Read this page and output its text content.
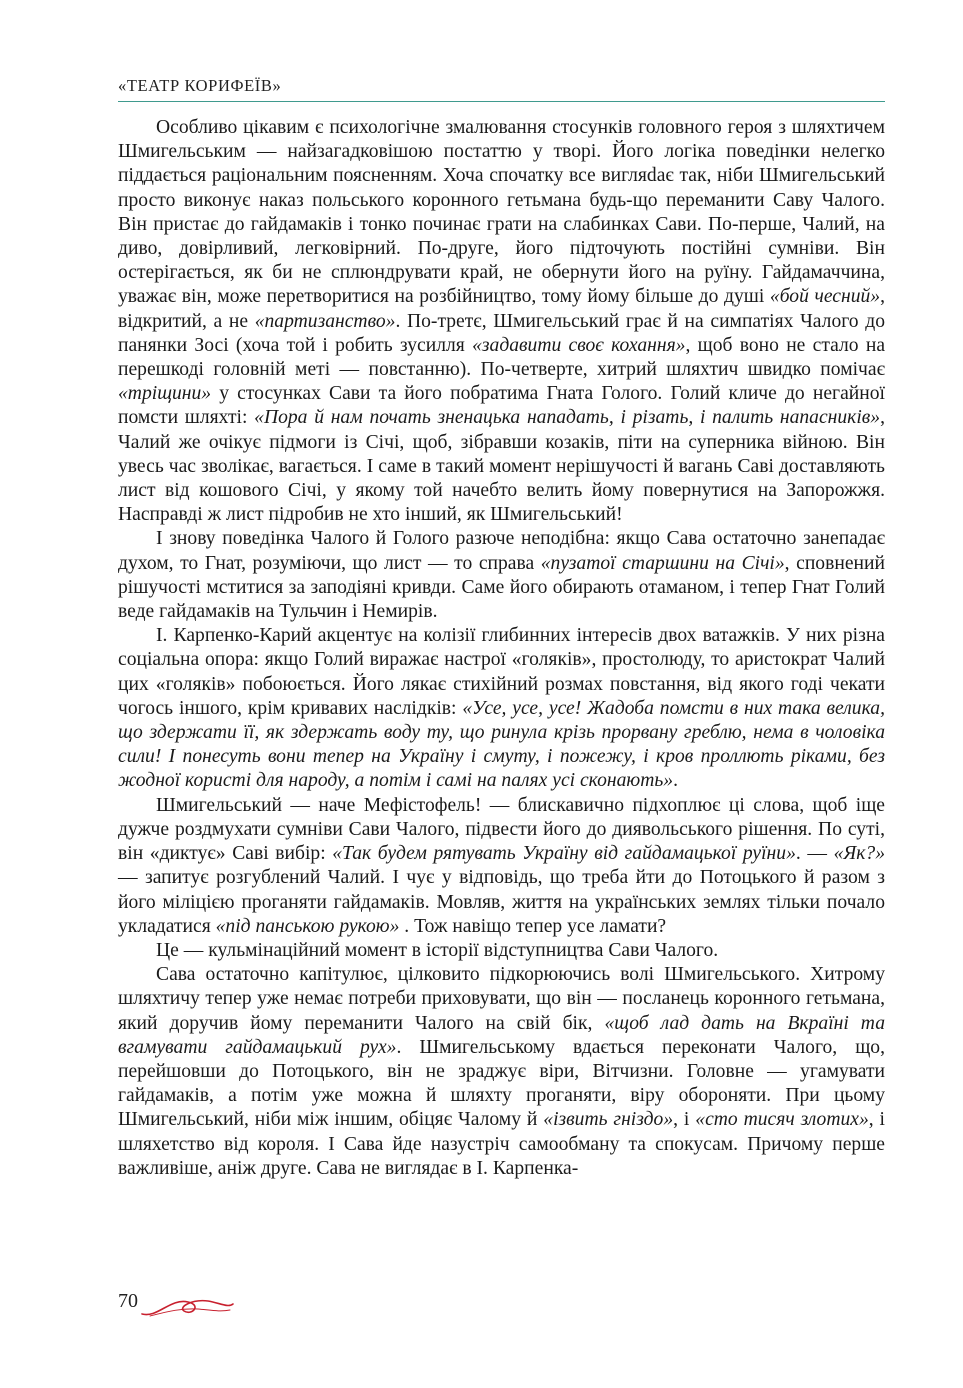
«ТЕАТР КОРИФЕЇВ»

Особливо цікавим є психологічне змалювання стосунків головного героя з шляхтичем Шмигельським — найзагадковішою постаттю у творі. Його логіка поведінки нелегко піддається раціональним поясненням. Хоча спочатку все вигляdає так, ніби Шмигельський просто виконує наказ польського коронного гетьмана будь-що переманити Саву Чалого. Він пристає до гайдамаків і тонко починає грати на слабинках Сави. По-перше, Чалий, на диво, довірливий, легковірний. По-друге, його підточують постійні сумніви. Він остерігається, як би не сплюндрувати край, не обернути його на руїну. Гайдамаччина, уважає він, може перетворитися на розбійництво, тому йому більше до душі «бой чесний», відкритий, а не «партизанство». По-третє, Шмигельський грає й на симпатіях Чалого до панянки Зосі (хоча той і робить зусилля «задавити своє кохання», щоб воно не стало на перешкоді головній меті — повстанню). По-четверте, хитрий шляхтич швидко помічає «тріщини» у стосунках Сави та його побратима Гната Голого. Голий кличе до негайної помсти шляхті: «Пора й нам почать зненацька нападать, і різать, і палить напасників», Чалий же очікує підмоги із Січі, щоб, зібравши козаків, піти на суперника війною. Він увесь час зволікає, вагається. І саме в такий момент нерішучості й вагань Саві доставляють лист від кошового Січі, у якому той начебто велить йому повернутися на Запорожжя. Насправді ж лист підробив не хто інший, як Шмигельський!

І знову поведінка Чалого й Голого разюче неподібна: якщо Сава остаточно занепадає духом, то Гнат, розуміючи, що лист — то справа «пузатої старшини на Січі», сповнений рішучості мститися за заподіяні кривди. Саме його обирають отаманом, і тепер Гнат Голий веде гайдамаків на Тульчин і Немирів.

І. Карпенко-Карий акцентує на колізії глибинних інтересів двох ватажків. У них різна соціальна опора: якщо Голий виражає настрої «голяків», простолюду, то аристократ Чалий цих «голяків» побоюється. Його лякає стихійний розмах повстання, від якого годі чекати чогось іншого, крім кривавих наслідків: «Усе, усе, усе! Жадоба помсти в них така велика, що здержати її, як здержать воду ту, що ринула крізь прорвану греблю, нема в чоловіка сили! І понесуть вони тепер на Україну і смуту, і пожежу, і кров проллють ріками, без жодної користі для народу, а потім і самі на палях усі сконають».

Шмигельський — наче Мефістофель! — блискавично підхоплює ці слова, щоб іще дужче роздмухати сумніви Сави Чалого, підвести його до диявольського рішення. По суті, він «диктує» Саві вибір: «Так будем рятувать Україну від гайдамацької руїни». — «Як?» — запитує розгублений Чалий. І чує у відповідь, що треба йти до Потоцького й разом з його міліцією проганяти гайдамаків. Мовляв, життя на українських землях тільки почало укладатися «під панською рукою» . Тож навіщо тепер усе ламати?

Це — кульмінаційний момент в історії відступництва Сави Чалого.

Сава остаточно капітулює, цілковито підкорюючись волі Шмигельського. Хитрому шляхтичу тепер уже немає потреби приховувати, що він — посланець коронного гетьмана, який доручив йому переманити Чалого на свій бік, «щоб лад дать на Вкраїні та вгамувати гайдамацький рух». Шмигельському вдається переконати Чалого, що, перейшовши до Потоцького, він не зраджує віри, Вітчизни. Головне — угамувати гайдамаків, а потім уже можна й шляхту проганяти, віру обороняти. При цьому Шмигельський, ніби між іншим, обіцяє Чалому й «ізвить гніздо», і «сто тисяч злотих», і шляхетство від короля. І Сава йде назустріч самообману та спокусам. Причому перше важливіше, аніж друге. Сава не виглядає в І. Карпенка-

70
